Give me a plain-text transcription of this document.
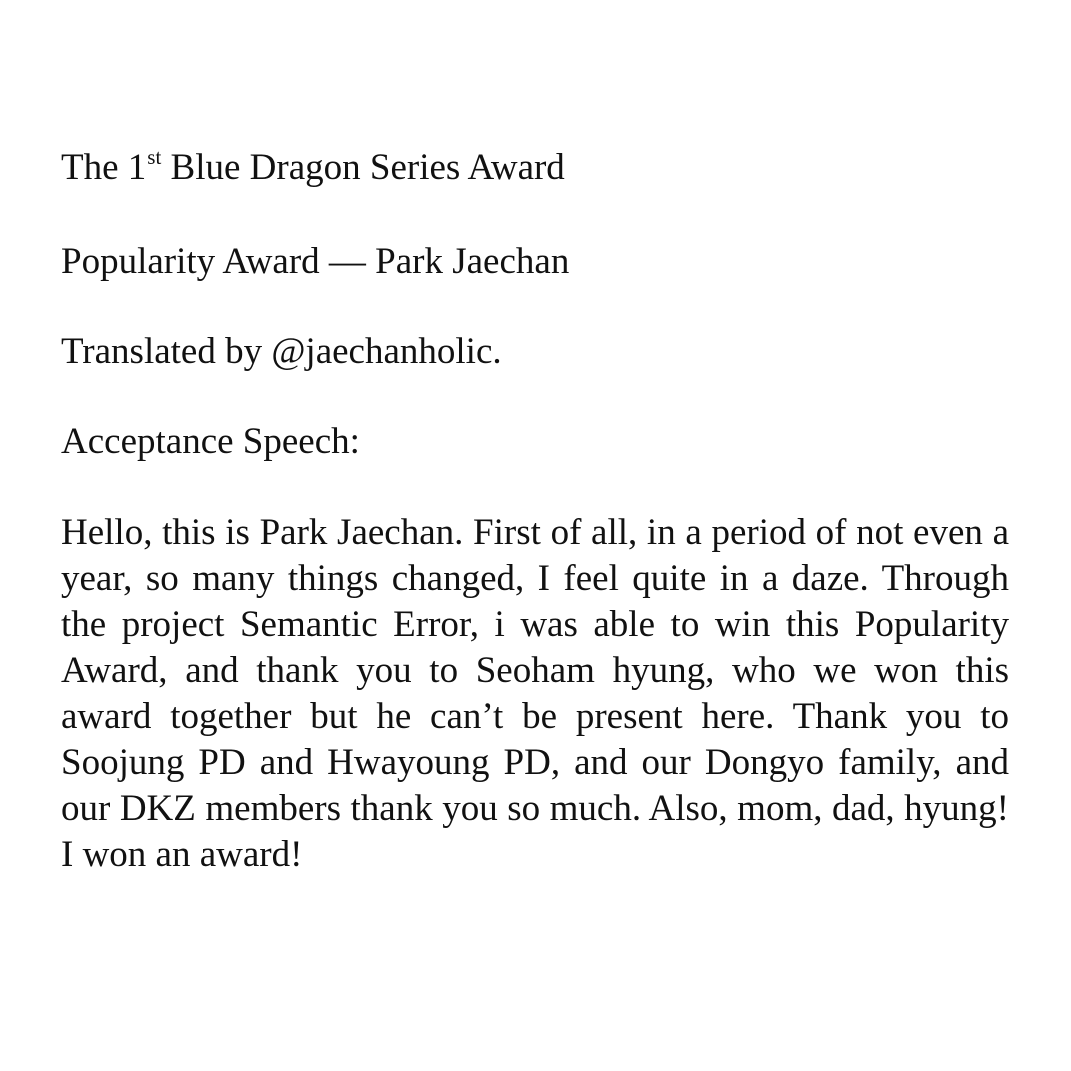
The 1st Blue Dragon Series Award

Popularity Award — Park Jaechan

Translated by @jaechanholic.

Acceptance Speech:

Hello, this is Park Jaechan. First of all, in a period of not even a year, so many things changed, I feel quite in a daze. Through the project Semantic Error, i was able to win this Popularity Award, and thank you to Seoham hyung, who we won this award together but he can’t be present here. Thank you to Soojung PD and Hwayoung PD, and our Dongyo family, and our DKZ members thank you so much. Also, mom, dad, hyung! I won an award!
